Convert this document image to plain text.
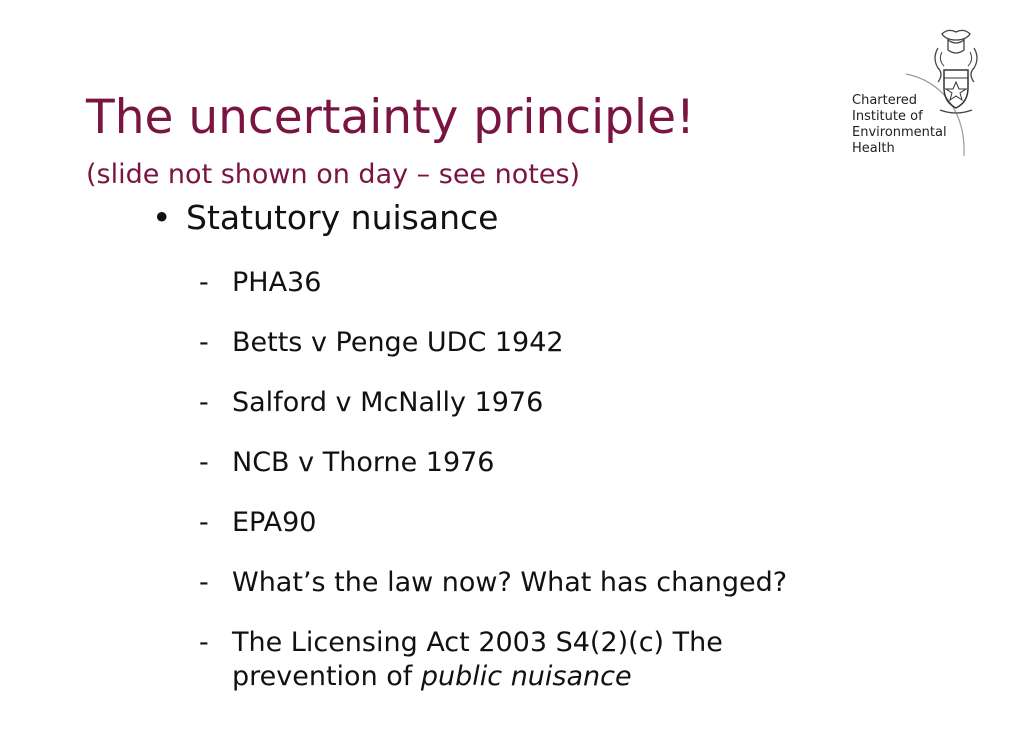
The uncertainty principle!
(slide not shown on day – see notes)
• Statutory nuisance
- PHA36
- Betts v Penge UDC 1942
- Salford v McNally 1976
- NCB v Thorne 1976
- EPA90
- What’s the law now? What has changed?
- The Licensing Act 2003 S4(2)(c) The
prevention of public nuisance
Chartered
Institute of
Environmental
Health
